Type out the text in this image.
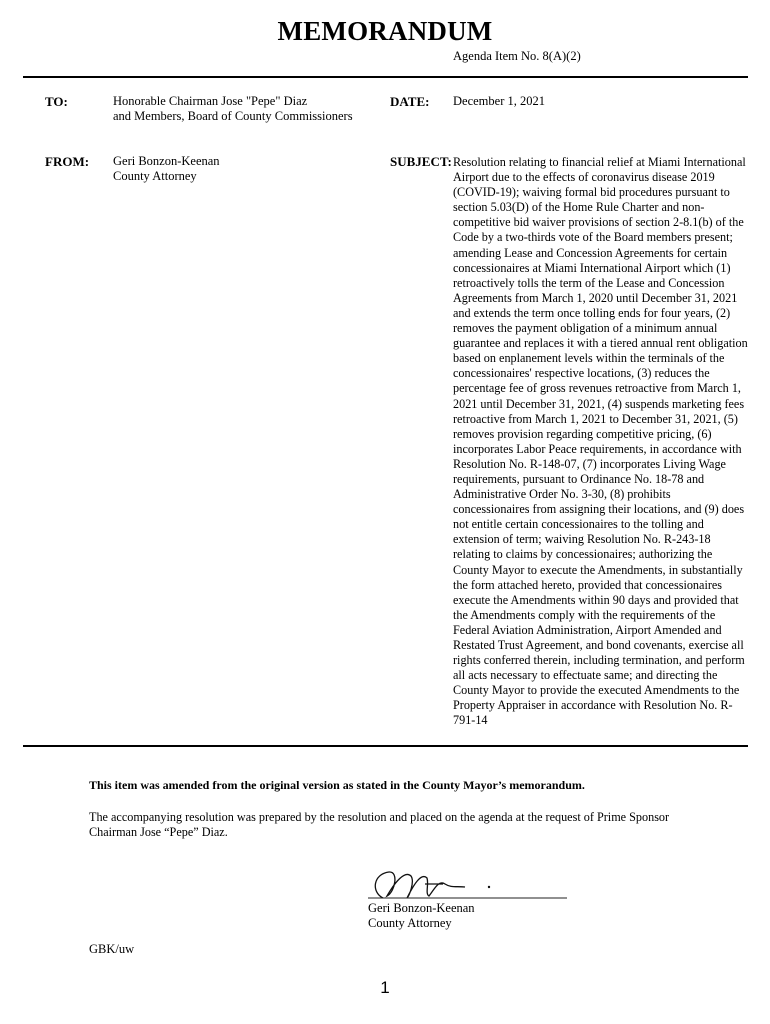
MEMORANDUM
Agenda Item No. 8(A)(2)
TO:	Honorable Chairman Jose "Pepe" Diaz
and Members, Board of County Commissioners
DATE: December 1, 2021
FROM: Geri Bonzon-Keenan
County Attorney
SUBJECT: Resolution relating to financial relief at Miami International Airport due to the effects of coronavirus disease 2019 (COVID-19); waiving formal bid procedures pursuant to section 5.03(D) of the Home Rule Charter and non-competitive bid waiver provisions of section 2-8.1(b) of the Code by a two-thirds vote of the Board members present; amending Lease and Concession Agreements for certain concessionaires at Miami International Airport which (1) retroactively tolls the term of the Lease and Concession Agreements from March 1, 2020 until December 31, 2021 and extends the term once tolling ends for four years, (2) removes the payment obligation of a minimum annual guarantee and replaces it with a tiered annual rent obligation based on enplanement levels within the terminals of the concessionaires' respective locations, (3) reduces the percentage fee of gross revenues retroactive from March 1, 2021 until December 31, 2021, (4) suspends marketing fees retroactive from March 1, 2021 to December 31, 2021, (5) removes provision regarding competitive pricing, (6) incorporates Labor Peace requirements, in accordance with Resolution No. R-148-07, (7) incorporates Living Wage requirements, pursuant to Ordinance No. 18-78 and Administrative Order No. 3-30, (8) prohibits concessionaires from assigning their locations, and (9) does not entitle certain concessionaires to the tolling and extension of term; waiving Resolution No. R-243-18 relating to claims by concessionaires; authorizing the County Mayor to execute the Amendments, in substantially the form attached hereto, provided that concessionaires execute the Amendments within 90 days and provided that the Amendments comply with the requirements of the Federal Aviation Administration, Airport Amended and Restated Trust Agreement, and bond covenants, exercise all rights conferred therein, including termination, and perform all acts necessary to effectuate same; and directing the County Mayor to provide the executed Amendments to the Property Appraiser in accordance with Resolution No. R-791-14
This item was amended from the original version as stated in the County Mayor’s memorandum.
The accompanying resolution was prepared by the resolution and placed on the agenda at the request of Prime Sponsor Chairman Jose “Pepe” Diaz.
Geri Bonzon-Keenan
County Attorney
GBK/uw
1
